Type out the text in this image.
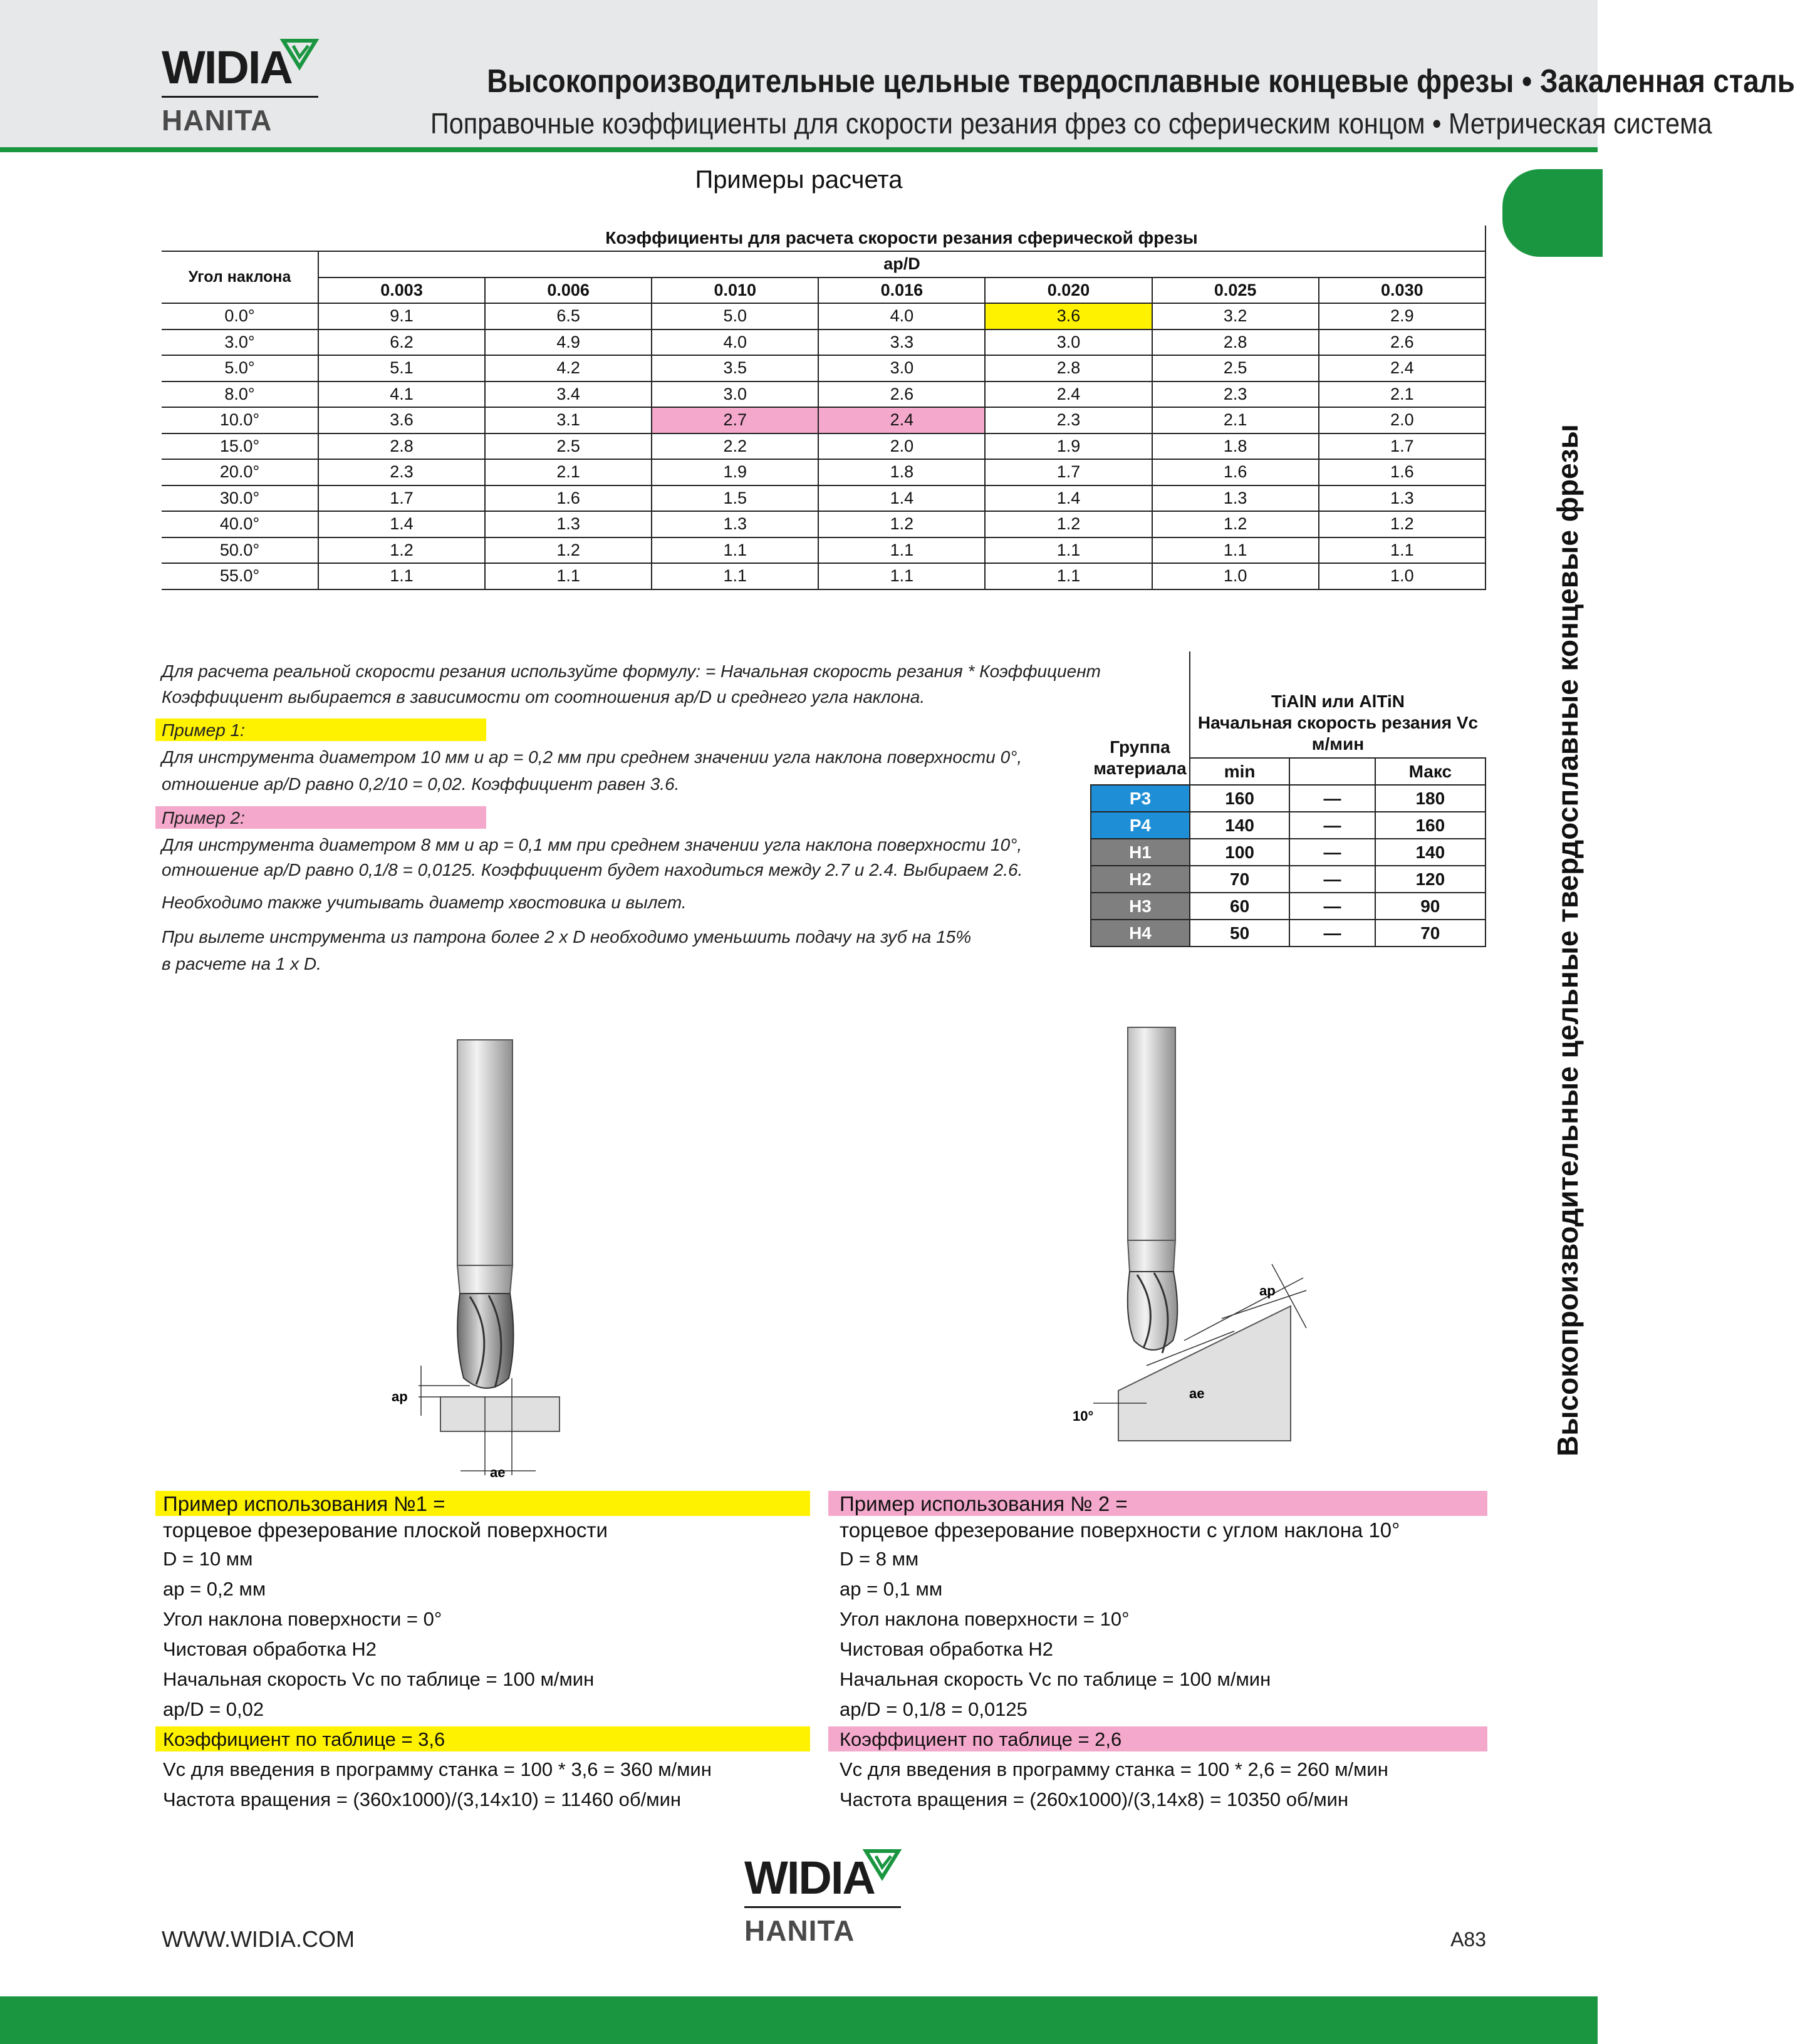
WIDIA
HANITA
Высокопроизводительные цельные твердосплавные концевые фрезы • Закаленная сталь
Поправочные коэффициенты для скорости резания фрез со сферическим концом • Метрическая система
Высокопроизводительные цельные твердосплавные концевые фрезы
Примеры расчета
	Коэффициенты для расчета скорости резания сферической фрезы						
Угол наклона	ap/D						
	0.003	0.006	0.010	0.016	0.020	0.025	0.030
0.0°	9.1	6.5	5.0	4.0	3.6	3.2	2.9
3.0°	6.2	4.9	4.0	3.3	3.0	2.8	2.6
5.0°	5.1	4.2	3.5	3.0	2.8	2.5	2.4
8.0°	4.1	3.4	3.0	2.6	2.4	2.3	2.1
10.0°	3.6	3.1	2.7	2.4	2.3	2.1	2.0
15.0°	2.8	2.5	2.2	2.0	1.9	1.8	1.7
20.0°	2.3	2.1	1.9	1.8	1.7	1.6	1.6
30.0°	1.7	1.6	1.5	1.4	1.4	1.3	1.3
40.0°	1.4	1.3	1.3	1.2	1.2	1.2	1.2
50.0°	1.2	1.2	1.1	1.1	1.1	1.1	1.1
55.0°	1.1	1.1	1.1	1.1	1.1	1.0	1.0
Для расчета реальной скорости резания используйте формулу: = Начальная скорость резания * Коэффициент
Коэффициент выбирается в зависимости от соотношения ap/D и среднего угла наклона.
Пример 1:
Для инструмента диаметром 10 мм и ap = 0,2 мм при среднем значении угла наклона поверхности 0°,
отношение ap/D равно 0,2/10 = 0,02. Коэффициент равен 3.6.
Пример 2:
Для инструмента диаметром 8 мм и ap = 0,1 мм при среднем значении угла наклона поверхности 10°,
отношение ap/D равно 0,1/8 = 0,0125. Коэффициент будет находиться между 2.7 и 2.4. Выбираем 2.6.
Необходимо также учитывать диаметр хвостовика и вылет.
При вылете инструмента из патрона более 2 x D необходимо уменьшить подачу на зуб на 15%
в расчете на 1 x D.
Группа материала	TiAlN или AlTiN
Начальная скорость резания Vc
м/мин		

	min		Макс
P3	160	—	180
P4	140	—	160
H1	100	—	140
H2	70	—	120
H3	60	—	90
H4	50	—	70
ap
ae
ap
ae
10°
Пример использования №1 =
торцевое фрезерование плоской поверхности
D = 10 мм
ap = 0,2 мм
Угол наклона поверхности = 0°
Чистовая обработка H2
Начальная скорость Vc по таблице = 100 м/мин
ap/D = 0,02
Коэффициент по таблице = 3,6
Vc для введения в программу станка = 100 * 3,6 = 360 м/мин
Частота вращения = (360x1000)/(3,14x10) = 11460 об/мин
Пример использования № 2 =
торцевое фрезерование поверхности с углом наклона 10°
D = 8 мм
ap = 0,1 мм
Угол наклона поверхности = 10°
Чистовая обработка H2
Начальная скорость Vc по таблице = 100 м/мин
ap/D = 0,1/8 = 0,0125
Коэффициент по таблице = 2,6
Vc для введения в программу станка = 100 * 2,6 = 260 м/мин
Частота вращения = (260x1000)/(3,14x8) = 10350 об/мин
WIDIA
HANITA
WWW.WIDIA.COM	A83
